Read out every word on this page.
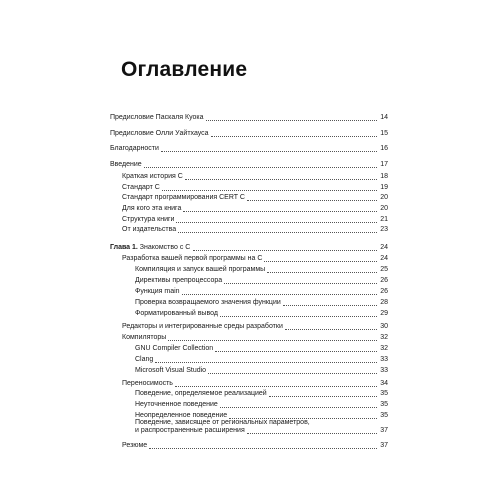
Оглавление
Предисловие Паскаля Куока	14
Предисловие Олли Уайтхауса	15
Благодарности	16
Введение	17
Краткая история C	18
Стандарт C	19
Стандарт программирования CERT C	20
Для кого эта книга	20
Структура книги	21
От издательства	23
Глава 1. Знакомство с С	24
Разработка вашей первой программы на С	24
Компиляция и запуск вашей программы	25
Директивы препроцессора	26
Функция main	26
Проверка возвращаемого значения функции	28
Форматированный вывод	29
Редакторы и интегрированные среды разработки	30
Компиляторы	32
GNU Compiler Collection	32
Clang	33
Microsoft Visual Studio	33
Переносимость	34
Поведение, определяемое реализацией	35
Неуточненное поведение	35
Неопределенное поведение	35
Поведение, зависящее от региональных параметров,
и распространенные расширения	37
Резюме	37
